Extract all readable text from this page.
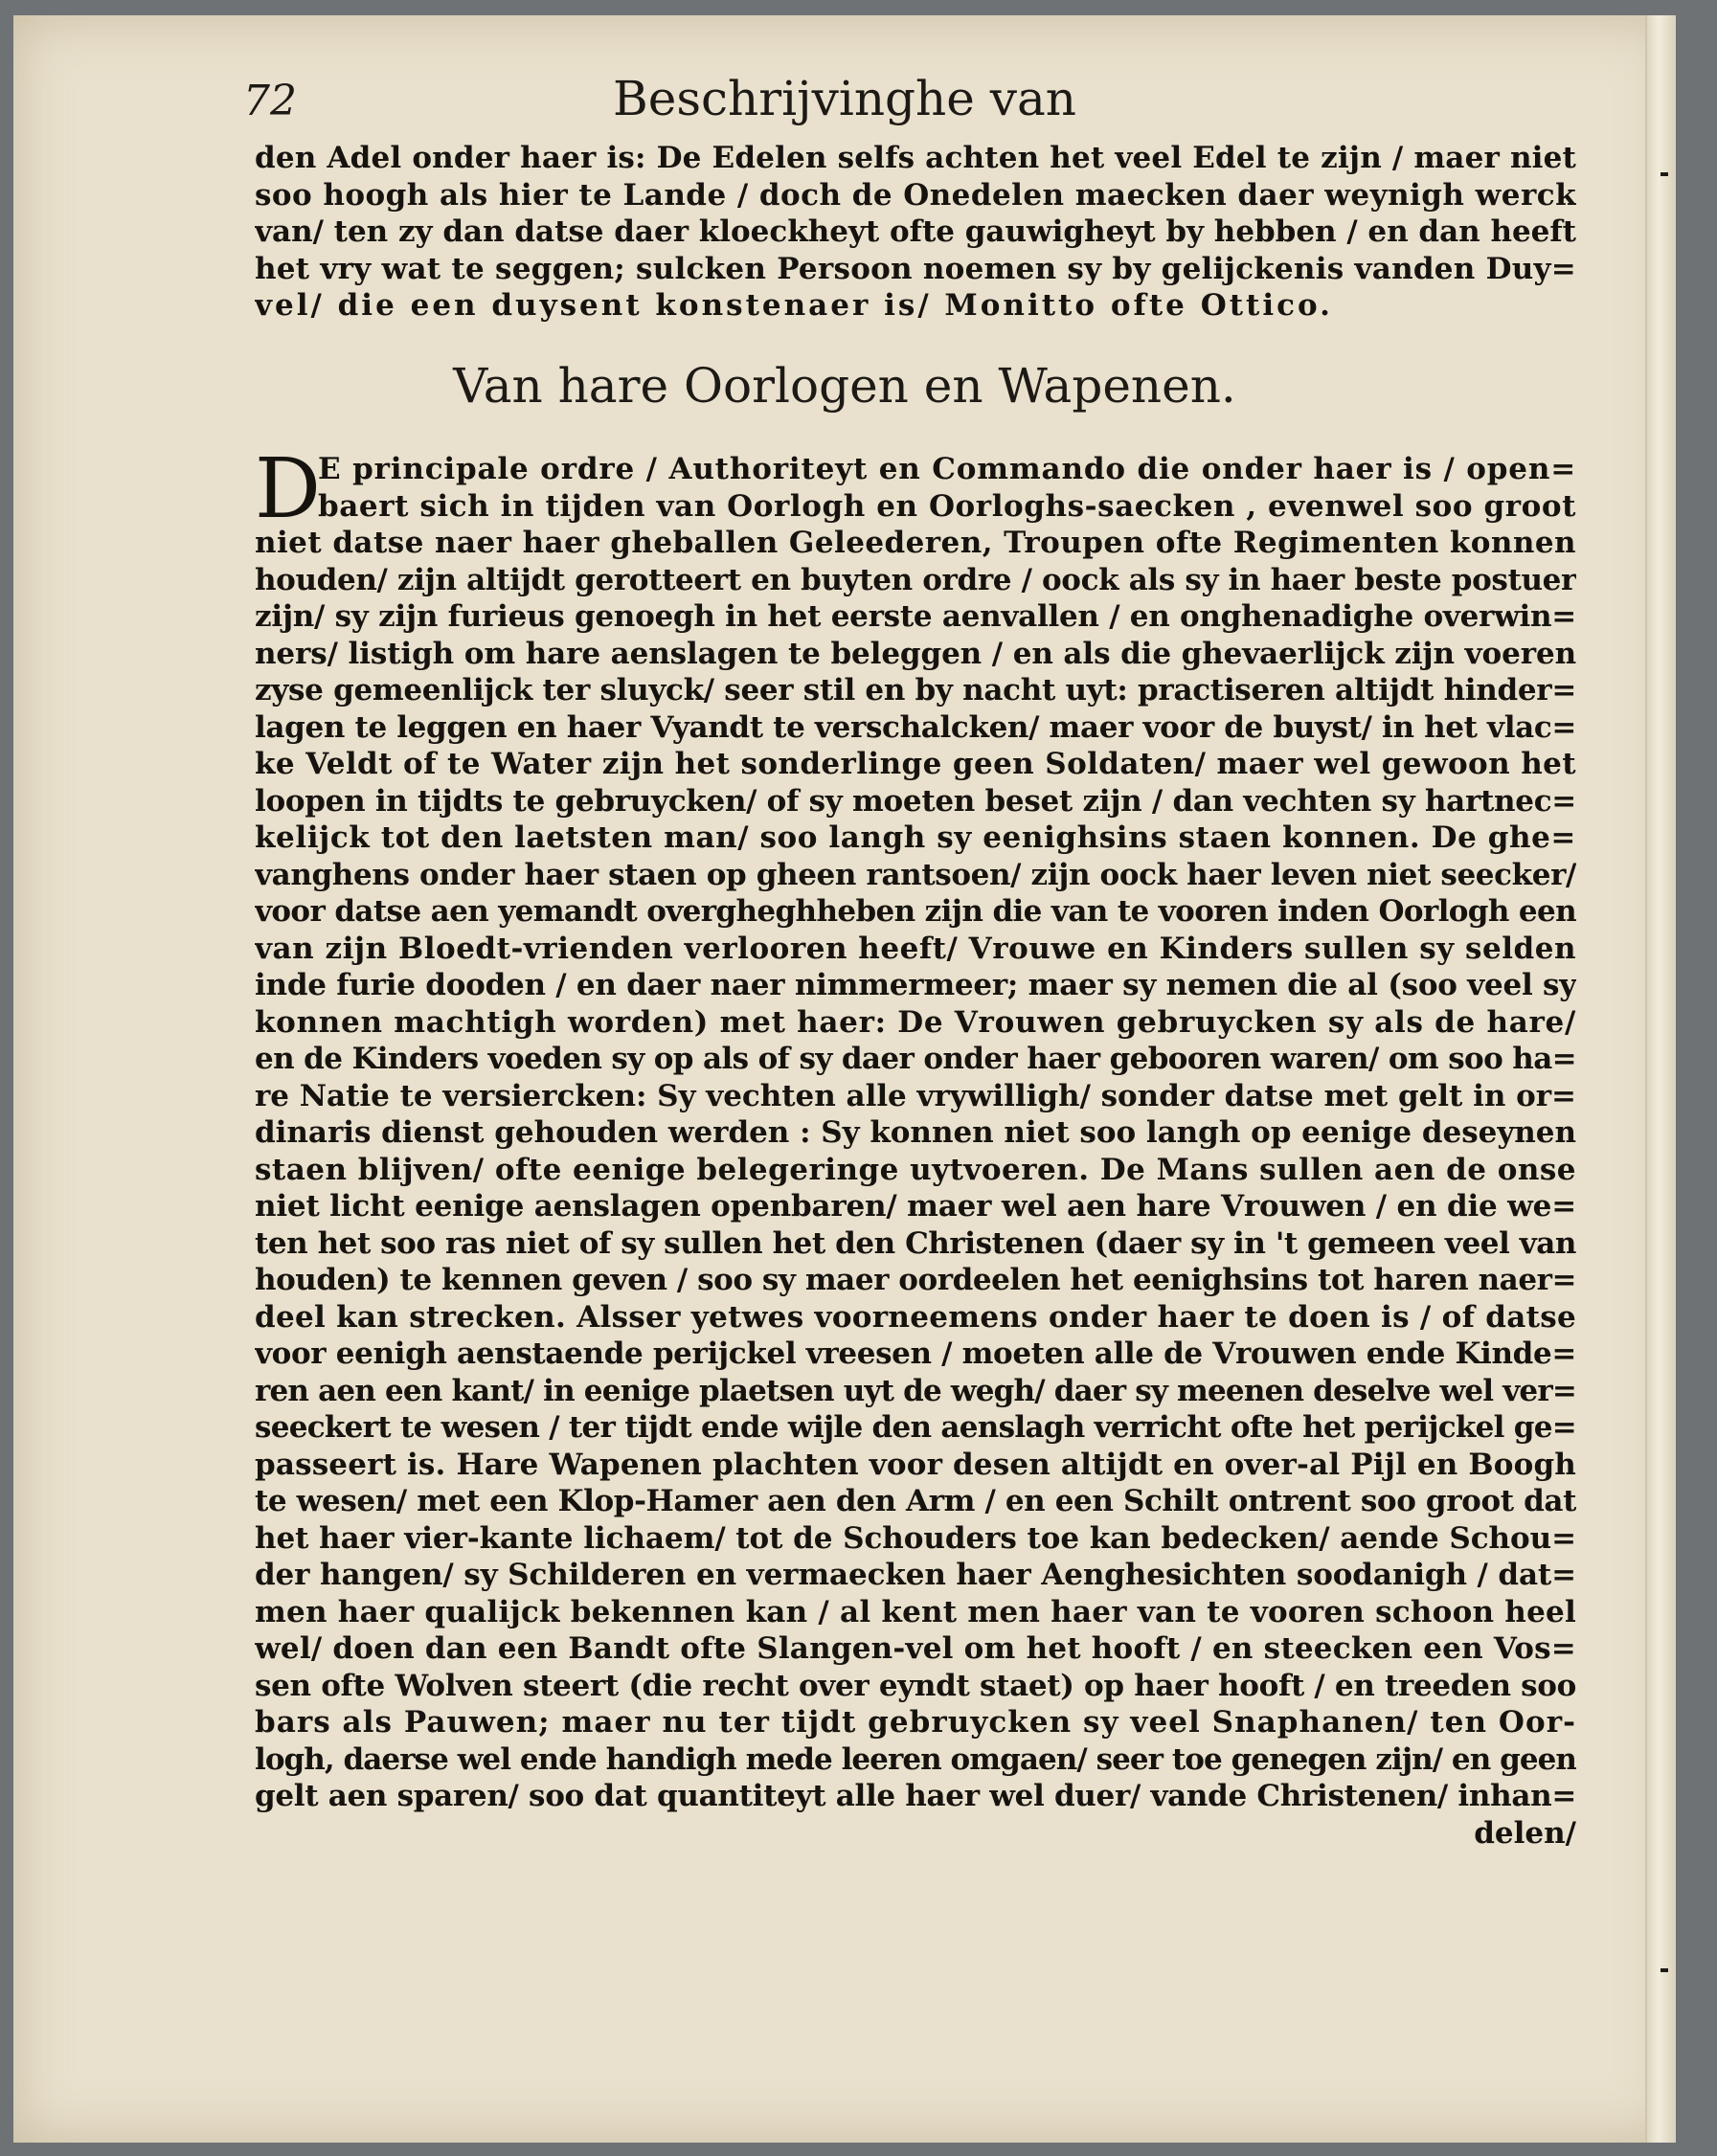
72	Beschrijvinghe van
den Adel onder haer is: De Edelen selfs achten het veel Edel te zijn / maer niet
soo hoogh als hier te Lande / doch de Onedelen maecken daer weynigh werck
van/ ten zy dan datse daer kloeckheyt ofte gauwigheyt by hebben / en dan heeft
het vry wat te seggen; sulcken Persoon noemen sy by gelijckenis vanden Duy=
vel/ die een duysent konstenaer is/ Monitto ofte Ottico.
Van hare Oorlogen en Wapenen.
D
E principale ordre / Authoriteyt en Commando die onder haer is / open=
baert sich in tijden van Oorlogh en Oorloghs-saecken , evenwel soo groot
niet datse naer haer gheballen Geleederen, Troupen ofte Regimenten konnen
houden/ zijn altijdt gerotteert en buyten ordre / oock als sy in haer beste postuer
zijn/ sy zijn furieus genoegh in het eerste aenvallen / en onghenadighe overwin=
ners/ listigh om hare aenslagen te beleggen / en als die ghevaerlijck zijn voeren
zyse gemeenlijck ter sluyck/ seer stil en by nacht uyt: practiseren altijdt hinder=
lagen te leggen en haer Vyandt te verschalcken/ maer voor de buyst/ in het vlac=
ke Veldt of te Water zijn het sonderlinge geen Soldaten/ maer wel gewoon het
loopen in tijdts te gebruycken/ of sy moeten beset zijn / dan vechten sy hartnec=
kelijck tot den laetsten man/ soo langh sy eenighsins staen konnen. De ghe=
vanghens onder haer staen op gheen rantsoen/ zijn oock haer leven niet seecker/
voor datse aen yemandt overgheghheben zijn die van te vooren inden Oorlogh een
van zijn Bloedt-vrienden verlooren heeft/ Vrouwe en Kinders sullen sy selden
inde furie dooden / en daer naer nimmermeer; maer sy nemen die al (soo veel sy
konnen machtigh worden) met haer: De Vrouwen gebruycken sy als de hare/
en de Kinders voeden sy op als of sy daer onder haer gebooren waren/ om soo ha=
re Natie te versiercken: Sy vechten alle vrywilligh/ sonder datse met gelt in or=
dinaris dienst gehouden werden : Sy konnen niet soo langh op eenige deseynen
staen blijven/ ofte eenige belegeringe uytvoeren. De Mans sullen aen de onse
niet licht eenige aenslagen openbaren/ maer wel aen hare Vrouwen / en die we=
ten het soo ras niet of sy sullen het den Christenen (daer sy in 't gemeen veel van
houden) te kennen geven / soo sy maer oordeelen het eenighsins tot haren naer=
deel kan strecken. Alsser yetwes voorneemens onder haer te doen is / of datse
voor eenigh aenstaende perijckel vreesen / moeten alle de Vrouwen ende Kinde=
ren aen een kant/ in eenige plaetsen uyt de wegh/ daer sy meenen deselve wel ver=
seeckert te wesen / ter tijdt ende wijle den aenslagh verricht ofte het perijckel ge=
passeert is. Hare Wapenen plachten voor desen altijdt en over-al Pijl en Boogh
te wesen/ met een Klop-Hamer aen den Arm / en een Schilt ontrent soo groot dat
het haer vier-kante lichaem/ tot de Schouders toe kan bedecken/ aende Schou=
der hangen/ sy Schilderen en vermaecken haer Aenghesichten soodanigh / dat=
men haer qualijck bekennen kan / al kent men haer van te vooren schoon heel
wel/ doen dan een Bandt ofte Slangen-vel om het hooft / en steecken een Vos=
sen ofte Wolven steert (die recht over eyndt staet) op haer hooft / en treeden soo
bars als Pauwen; maer nu ter tijdt gebruycken sy veel Snaphanen/ ten Oor-
logh, daerse wel ende handigh mede leeren omgaen/ seer toe genegen zijn/ en geen
gelt aen sparen/ soo dat quantiteyt alle haer wel duer/ vande Christenen/ inhan=
delen/
